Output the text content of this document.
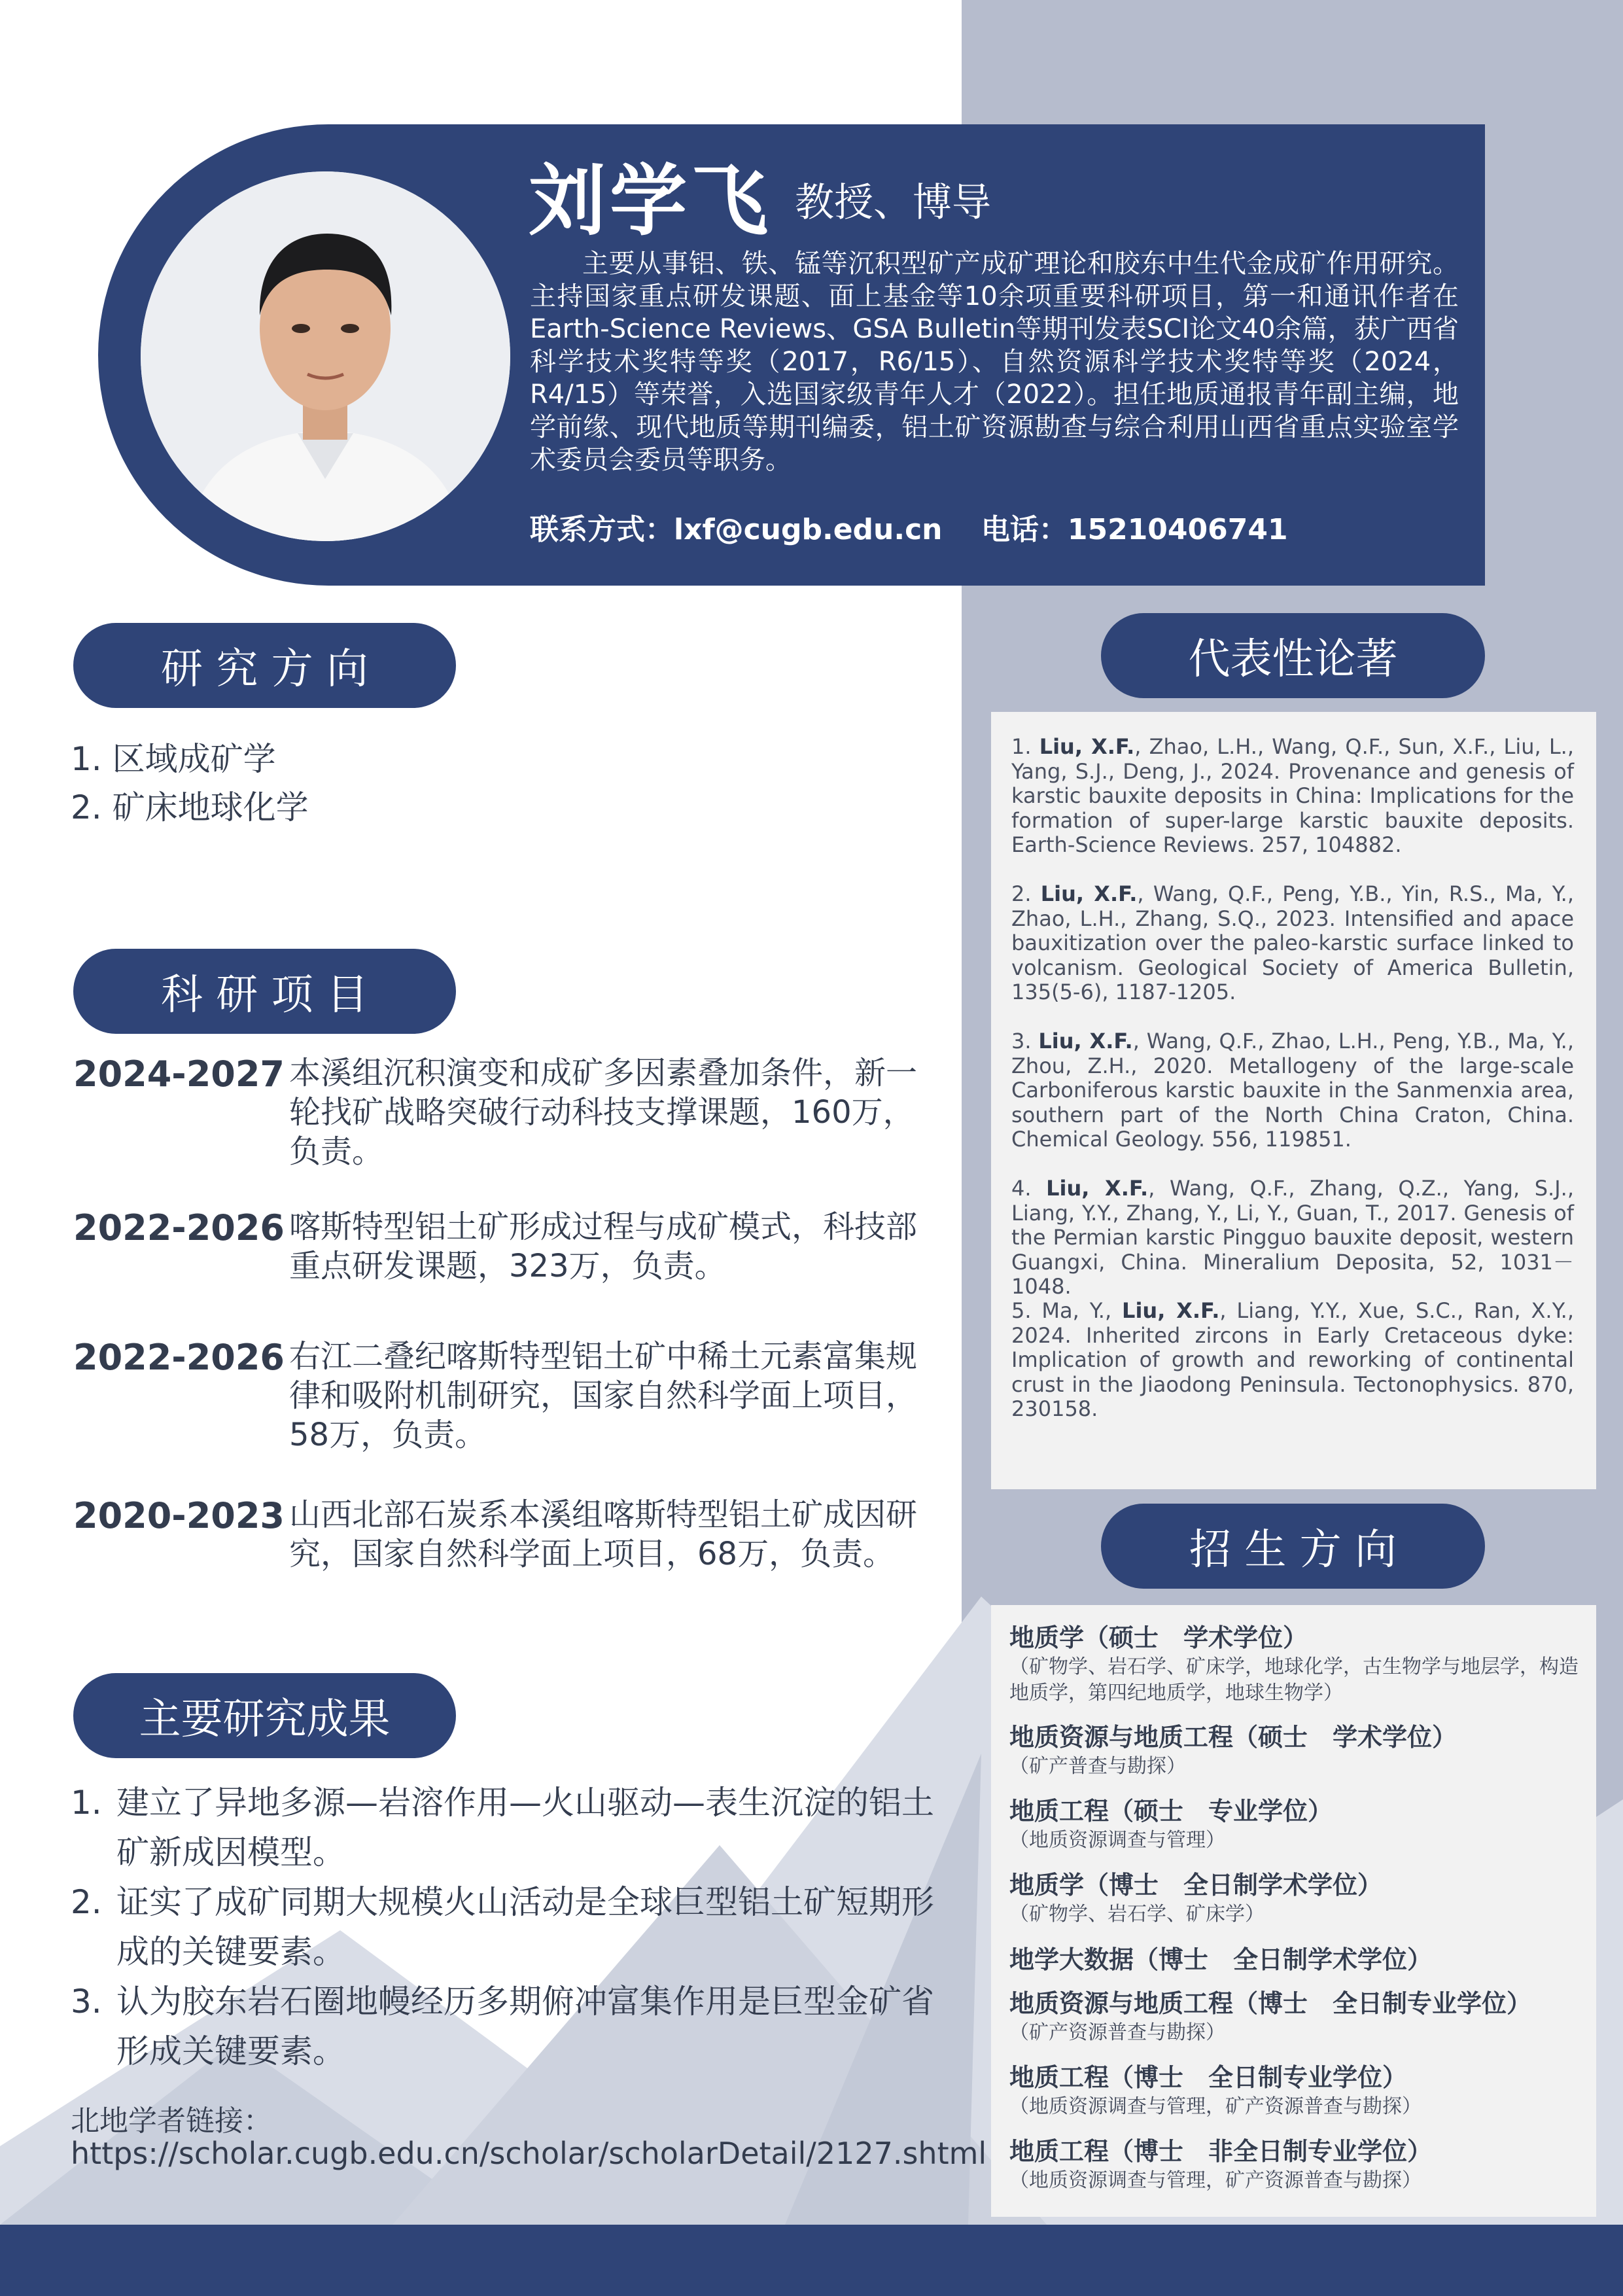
刘学飞 教授、博导
主要从事铝、铁、锰等沉积型矿产成矿理论和胶东中生代金成矿作用研究。主持国家重点研发课题、面上基金等10余项重要科研项目，第一和通讯作者在Earth-Science Reviews、GSA Bulletin等期刊发表SCI论文40余篇，获广西省科学技术奖特等奖（2017，R6/15）、自然资源科学技术奖特等奖（2024，R4/15）等荣誉，入选国家级青年人才（2022）。担任地质通报青年副主编，地学前缘、现代地质等期刊编委，铝土矿资源勘查与综合利用山西省重点实验室学术委员会委员等职务。
联系方式：lxf@cugb.edu.cn 电话：15210406741
研 究 方 向
1. 区域成矿学
2. 矿床地球化学
科 研 项 目
2024-2027 本溪组沉积演变和成矿多因素叠加条件，新一轮找矿战略突破行动科技支撑课题，160万，负责。
2022-2026 喀斯特型铝土矿形成过程与成矿模式，科技部重点研发课题，323万，负责。
2022-2026 右江二叠纪喀斯特型铝土矿中稀土元素富集规律和吸附机制研究，国家自然科学面上项目，58万，负责。
2020-2023 山西北部石炭系本溪组喀斯特型铝土矿成因研究，国家自然科学面上项目，68万，负责。
主要研究成果
1. 建立了异地多源—岩溶作用—火山驱动—表生沉淀的铝土矿新成因模型。
2. 证实了成矿同期大规模火山活动是全球巨型铝土矿短期形成的关键要素。
3. 认为胶东岩石圈地幔经历多期俯冲富集作用是巨型金矿省形成关键要素。
北地学者链接：
https://scholar.cugb.edu.cn/scholar/scholarDetail/2127.shtml
代表性论著
1. Liu, X.F., Zhao, L.H., Wang, Q.F., Sun, X.F., Liu, L., Yang, S.J., Deng, J., 2024. Provenance and genesis of karstic bauxite deposits in China: Implications for the formation of super-large karstic bauxite deposits. Earth-Science Reviews. 257, 104882.
2. Liu, X.F., Wang, Q.F., Peng, Y.B., Yin, R.S., Ma, Y., Zhao, L.H., Zhang, S.Q., 2023. Intensified and apace bauxitization over the paleo-karstic surface linked to volcanism. Geological Society of America Bulletin, 135(5-6), 1187-1205.
3. Liu, X.F., Wang, Q.F., Zhao, L.H., Peng, Y.B., Ma, Y., Zhou, Z.H., 2020. Metallogeny of the large-scale Carboniferous karstic bauxite in the Sanmenxia area, southern part of the North China Craton, China. Chemical Geology. 556, 119851.
4. Liu, X.F., Wang, Q.F., Zhang, Q.Z., Yang, S.J., Liang, Y.Y., Zhang, Y., Li, Y., Guan, T., 2017. Genesis of the Permian karstic Pingguo bauxite deposit, western Guangxi, China. Mineralium Deposita, 52, 1031－1048.
5. Ma, Y., Liu, X.F., Liang, Y.Y., Xue, S.C., Ran, X.Y., 2024. Inherited zircons in Early Cretaceous dyke: Implication of growth and reworking of continental crust in the Jiaodong Peninsula. Tectonophysics. 870, 230158.
招 生 方 向
地质学（硕士　学术学位）
（矿物学、岩石学、矿床学，地球化学，古生物学与地层学，构造地质学，第四纪地质学，地球生物学）
地质资源与地质工程（硕士　学术学位）
（矿产普查与勘探）
地质工程（硕士　专业学位）
（地质资源调查与管理）
地质学（博士　全日制学术学位）
（矿物学、岩石学、矿床学）
地学大数据（博士　全日制学术学位）
地质资源与地质工程（博士　全日制专业学位）
（矿产资源普查与勘探）
地质工程（博士　全日制专业学位）
（地质资源调查与管理，矿产资源普查与勘探）
地质工程（博士　非全日制专业学位）
（地质资源调查与管理，矿产资源普查与勘探）
